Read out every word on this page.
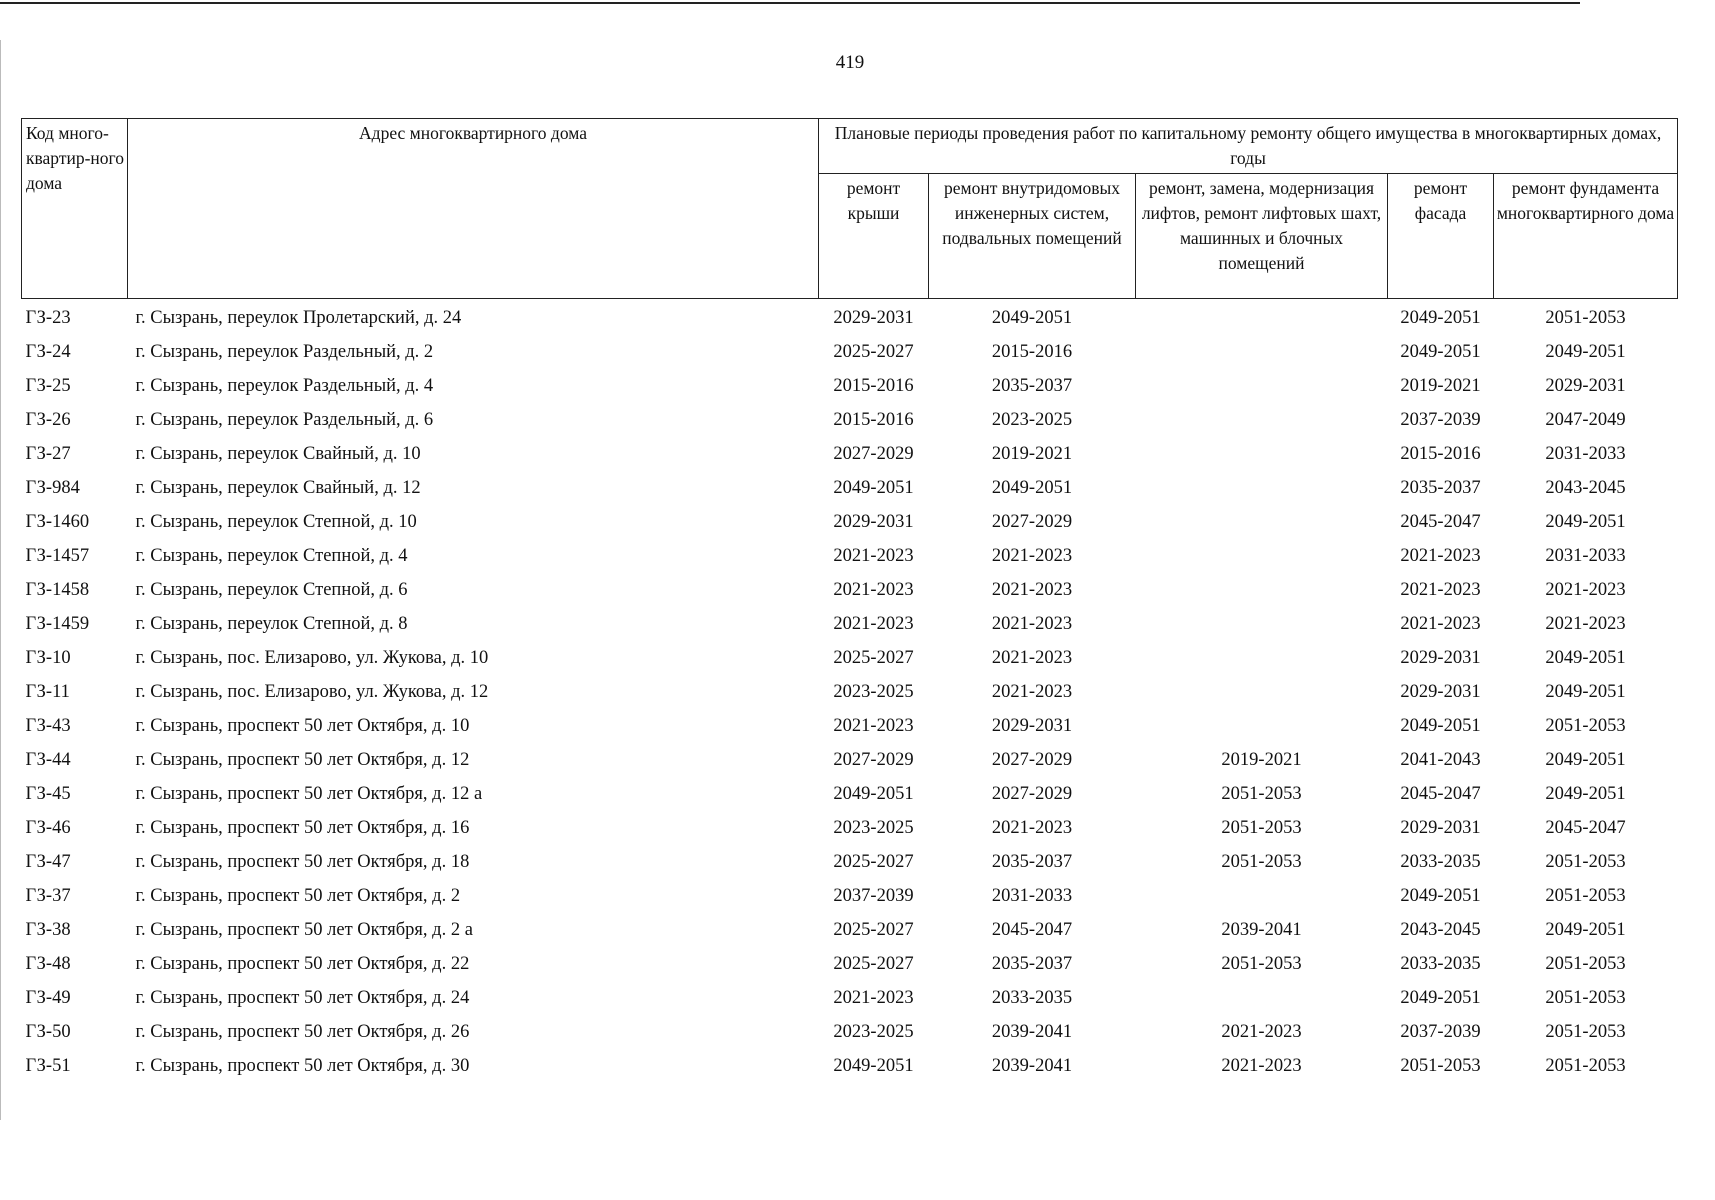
419
Код много-квартир-ного дома	Адрес многоквартирного дома	Плановые периоды проведения работ по капитальному ремонту общего имущества в многоквартирных домах, годы				
		ремонт крыши	ремонт внутридомовых инженерных систем, подвальных помещений	ремонт, замена, модернизация лифтов, ремонт лифтовых шахт, машинных и блочных помещений	ремонт фасада	ремонт фундамента многоквартирного дома
ГЗ-23	г. Сызрань, переулок Пролетарский, д. 24	2029-2031	2049-2051		2049-2051	2051-2053
ГЗ-24	г. Сызрань, переулок Раздельный, д. 2	2025-2027	2015-2016		2049-2051	2049-2051
ГЗ-25	г. Сызрань, переулок Раздельный, д. 4	2015-2016	2035-2037		2019-2021	2029-2031
ГЗ-26	г. Сызрань, переулок Раздельный, д. 6	2015-2016	2023-2025		2037-2039	2047-2049
ГЗ-27	г. Сызрань, переулок Свайный, д. 10	2027-2029	2019-2021		2015-2016	2031-2033
ГЗ-984	г. Сызрань, переулок Свайный, д. 12	2049-2051	2049-2051		2035-2037	2043-2045
ГЗ-1460	г. Сызрань, переулок Степной, д. 10	2029-2031	2027-2029		2045-2047	2049-2051
ГЗ-1457	г. Сызрань, переулок Степной, д. 4	2021-2023	2021-2023		2021-2023	2031-2033
ГЗ-1458	г. Сызрань, переулок Степной, д. 6	2021-2023	2021-2023		2021-2023	2021-2023
ГЗ-1459	г. Сызрань, переулок Степной, д. 8	2021-2023	2021-2023		2021-2023	2021-2023
ГЗ-10	г. Сызрань, пос. Елизарово, ул. Жукова, д. 10	2025-2027	2021-2023		2029-2031	2049-2051
ГЗ-11	г. Сызрань, пос. Елизарово, ул. Жукова, д. 12	2023-2025	2021-2023		2029-2031	2049-2051
ГЗ-43	г. Сызрань, проспект 50 лет Октября, д. 10	2021-2023	2029-2031		2049-2051	2051-2053
ГЗ-44	г. Сызрань, проспект 50 лет Октября, д. 12	2027-2029	2027-2029	2019-2021	2041-2043	2049-2051
ГЗ-45	г. Сызрань, проспект 50 лет Октября, д. 12 а	2049-2051	2027-2029	2051-2053	2045-2047	2049-2051
ГЗ-46	г. Сызрань, проспект 50 лет Октября, д. 16	2023-2025	2021-2023	2051-2053	2029-2031	2045-2047
ГЗ-47	г. Сызрань, проспект 50 лет Октября, д. 18	2025-2027	2035-2037	2051-2053	2033-2035	2051-2053
ГЗ-37	г. Сызрань, проспект 50 лет Октября, д. 2	2037-2039	2031-2033		2049-2051	2051-2053
ГЗ-38	г. Сызрань, проспект 50 лет Октября, д. 2 а	2025-2027	2045-2047	2039-2041	2043-2045	2049-2051
ГЗ-48	г. Сызрань, проспект 50 лет Октября, д. 22	2025-2027	2035-2037	2051-2053	2033-2035	2051-2053
ГЗ-49	г. Сызрань, проспект 50 лет Октября, д. 24	2021-2023	2033-2035		2049-2051	2051-2053
ГЗ-50	г. Сызрань, проспект 50 лет Октября, д. 26	2023-2025	2039-2041	2021-2023	2037-2039	2051-2053
ГЗ-51	г. Сызрань, проспект 50 лет Октября, д. 30	2049-2051	2039-2041	2021-2023	2051-2053	2051-2053
